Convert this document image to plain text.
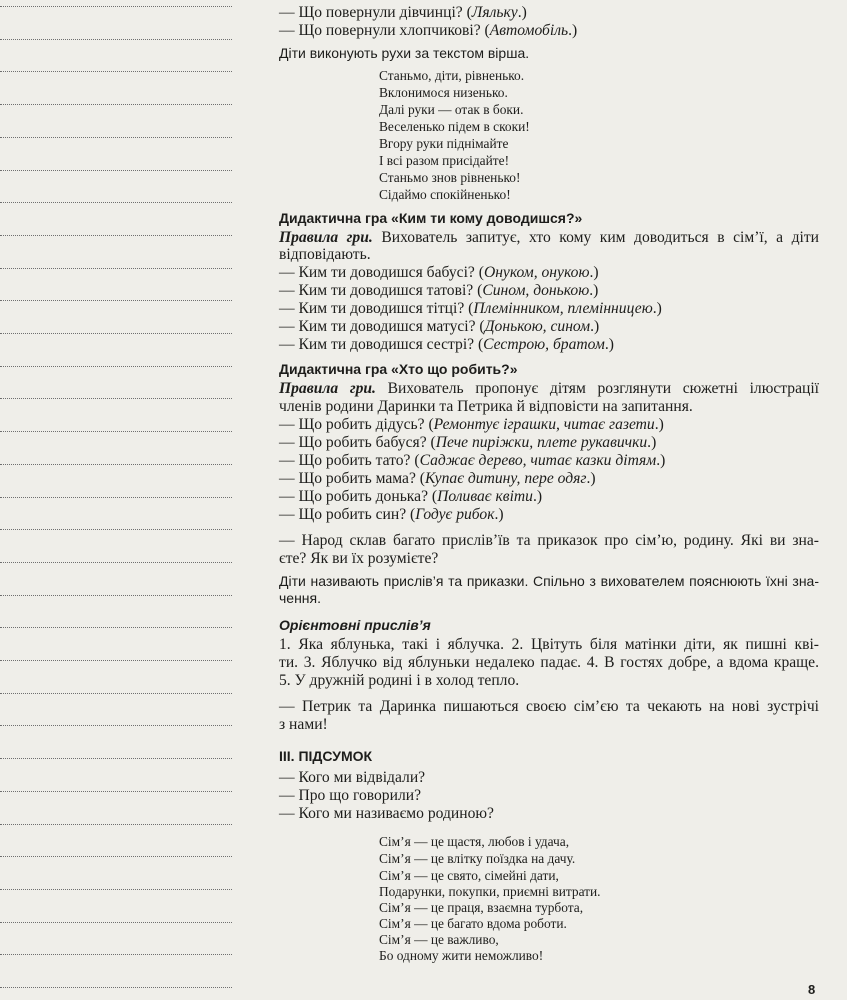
— Що повернули дівчинці? (Ляльку.)
— Що повернули хлопчикові? (Автомобіль.)
Діти виконують рухи за текстом вірша.
Станьмо, діти, рівненько.
Вклонимося низенько.
Далі руки — отак в боки.
Веселенько підем в скоки!
Вгору руки піднімайте
І всі разом присідайте!
Станьмо знов рівненько!
Сідаймо спокійненько!
Дидактична гра «Ким ти кому доводишся?»
Правила гри. Вихователь запитує, хто кому ким доводиться в сім’ї, а діти
відповідають.
— Ким ти доводишся бабусі? (Онуком, онукою.)
— Ким ти доводишся татові? (Сином, донькою.)
— Ким ти доводишся тітці? (Племінником, племінницею.)
— Ким ти доводишся матусі? (Донькою, сином.)
— Ким ти доводишся сестрі? (Сестрою, братом.)
Дидактична гра «Хто що робить?»
Правила гри. Вихователь пропонує дітям розглянути сюжетні ілюстрації
членів родини Даринки та Петрика й відповісти на запитання.
— Що робить дідусь? (Ремонтує іграшки, читає газети.)
— Що робить бабуся? (Пече пиріжки, плете рукавички.)
— Що робить тато? (Саджає дерево, читає казки дітям.)
— Що робить мама? (Купає дитину, пере одяг.)
— Що робить донька? (Поливає квіти.)
— Що робить син? (Годує рибок.)
— Народ склав багато прислів’їв та приказок про сім’ю, родину. Які ви зна-
єте? Як ви їх розумієте?
Діти називають прислів’я та приказки. Спільно з вихователем пояснюють їхні зна-
чення.
Орієнтовні прислів’я
1. Яка яблунька, такі і яблучка. 2. Цвітуть біля матінки діти, як пишні кві-
ти. 3. Яблучко від яблуньки недалеко падає. 4. В гостях добре, а вдома краще.
5. У дружній родині і в холод тепло.
— Петрик та Даринка пишаються своєю сім’єю та чекають на нові зустрічі
з нами!
ІІІ. ПІДСУМОК
— Кого ми відвідали?
— Про що говорили?
— Кого ми називаємо родиною?
Сім’я — це щастя, любов і удача,
Сім’я — це влітку поїздка на дачу.
Сім’я — це свято, сімейні дати,
Подарунки, покупки, приємні витрати.
Сім’я — це праця, взаємна турбота,
Сім’я — це багато вдома роботи.
Сім’я — це важливо,
Бо одному жити неможливо!
8
